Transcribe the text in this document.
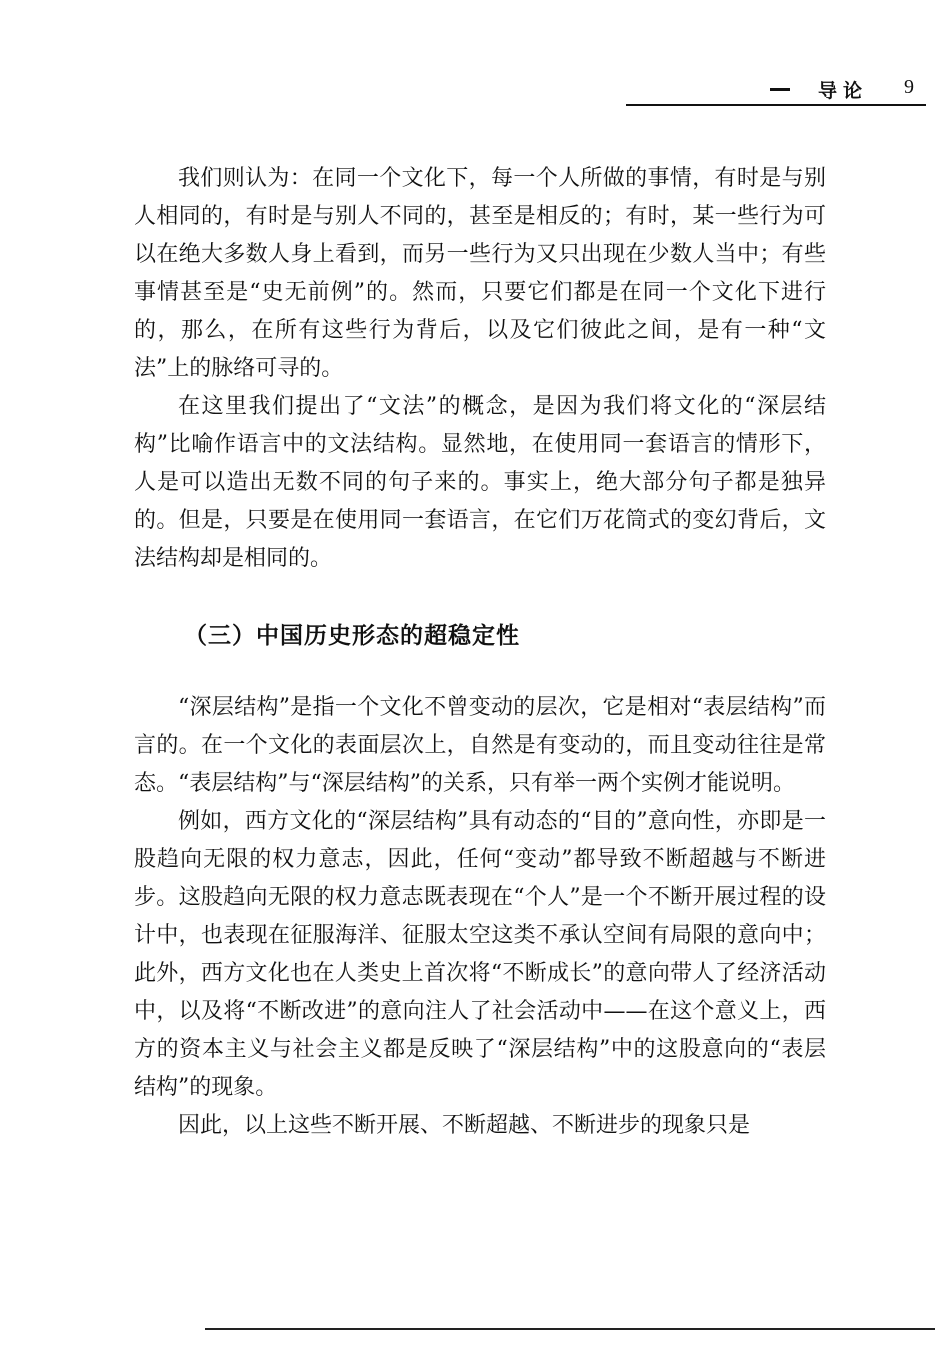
导论 9

我们则认为：在同一个文化下，每一个人所做的事情，有时是与别人相同的，有时是与别人不同的，甚至是相反的；有时，某一些行为可以在绝大多数人身上看到，而另一些行为又只出现在少数人当中；有些事情甚至是“史无前例”的。然而，只要它们都是在同一个文化下进行的，那么，在所有这些行为背后，以及它们彼此之间，是有一种“文法”上的脉络可寻的。

在这里我们提出了“文法”的概念，是因为我们将文化的“深层结构”比喻作语言中的文法结构。显然地，在使用同一套语言的情形下，人是可以造出无数不同的句子来的。事实上，绝大部分句子都是独异的。但是，只要是在使用同一套语言，在它们万花筒式的变幻背后，文法结构却是相同的。

（三）中国历史形态的超稳定性

“深层结构”是指一个文化不曾变动的层次，它是相对“表层结构”而言的。在一个文化的表面层次上，自然是有变动的，而且变动往往是常态。“表层结构”与“深层结构”的关系，只有举一两个实例才能说明。

例如，西方文化的“深层结构”具有动态的“目的”意向性，亦即是一股趋向无限的权力意志，因此，任何“变动”都导致不断超越与不断进步。这股趋向无限的权力意志既表现在“个人”是一个不断开展过程的设计中，也表现在征服海洋、征服太空这类不承认空间有局限的意向中；此外，西方文化也在人类史上首次将“不断成长”的意向带人了经济活动中，以及将“不断改进”的意向注人了社会活动中——在这个意义上，西方的资本主义与社会主义都是反映了“深层结构”中的这股意向的“表层结构”的现象。

因此，以上这些不断开展、不断超越、不断进步的现象只是
